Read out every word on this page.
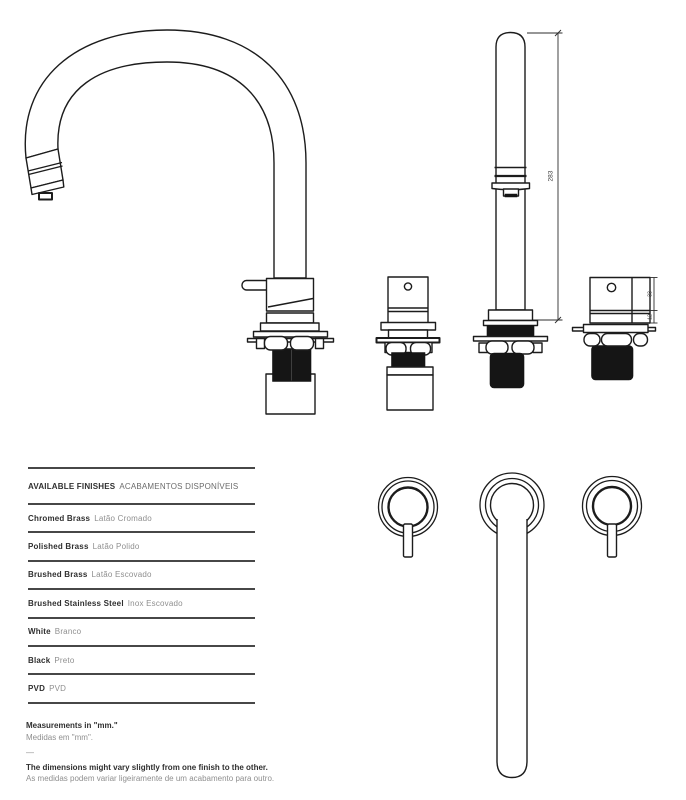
283
33
12
AVAILABLE FINISHES ACABAMENTOS DISPONÍVEIS
Chromed Brass Latão Cromado
Polished Brass Latão Polido
Brushed Brass Latão Escovado
Brushed Stainless Steel Inox Escovado
White Branco
Black Preto
PVD PVD
Measurements in "mm."
Medidas em "mm".
—
The dimensions might vary slightly from one finish to the other.
As medidas podem variar ligeiramente de um acabamento para outro.
